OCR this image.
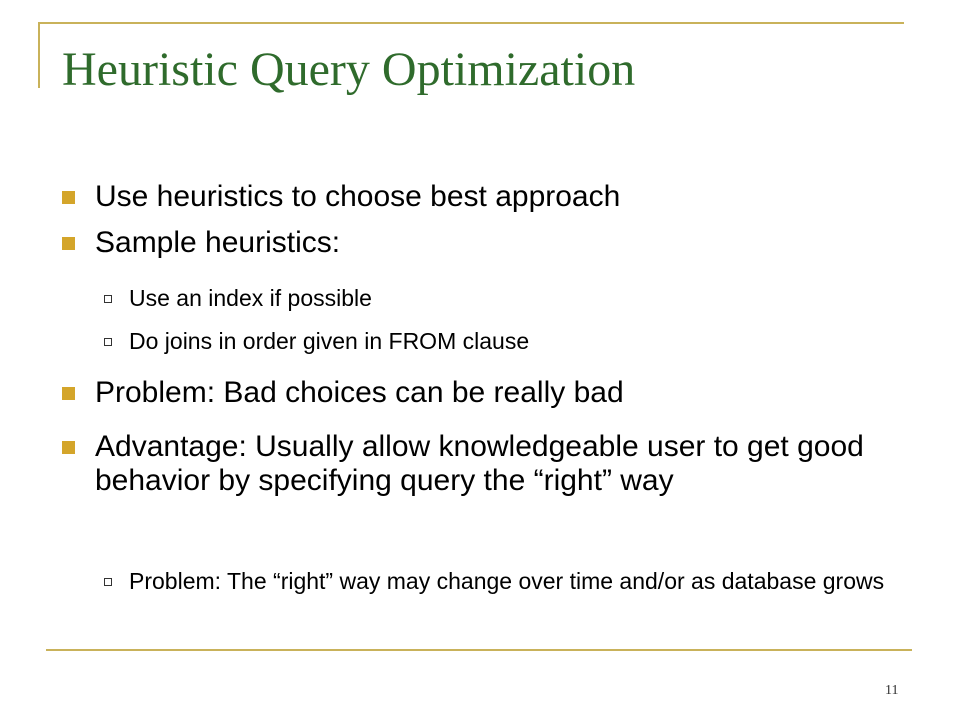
Heuristic Query Optimization
Use heuristics to choose best approach
Sample heuristics:
Use an index if possible
Do joins in order given in FROM clause
Problem: Bad choices can be really bad
Advantage: Usually allow knowledgeable user to get good behavior by specifying query the “right” way
Problem: The “right” way may change over time and/or as database grows
11
